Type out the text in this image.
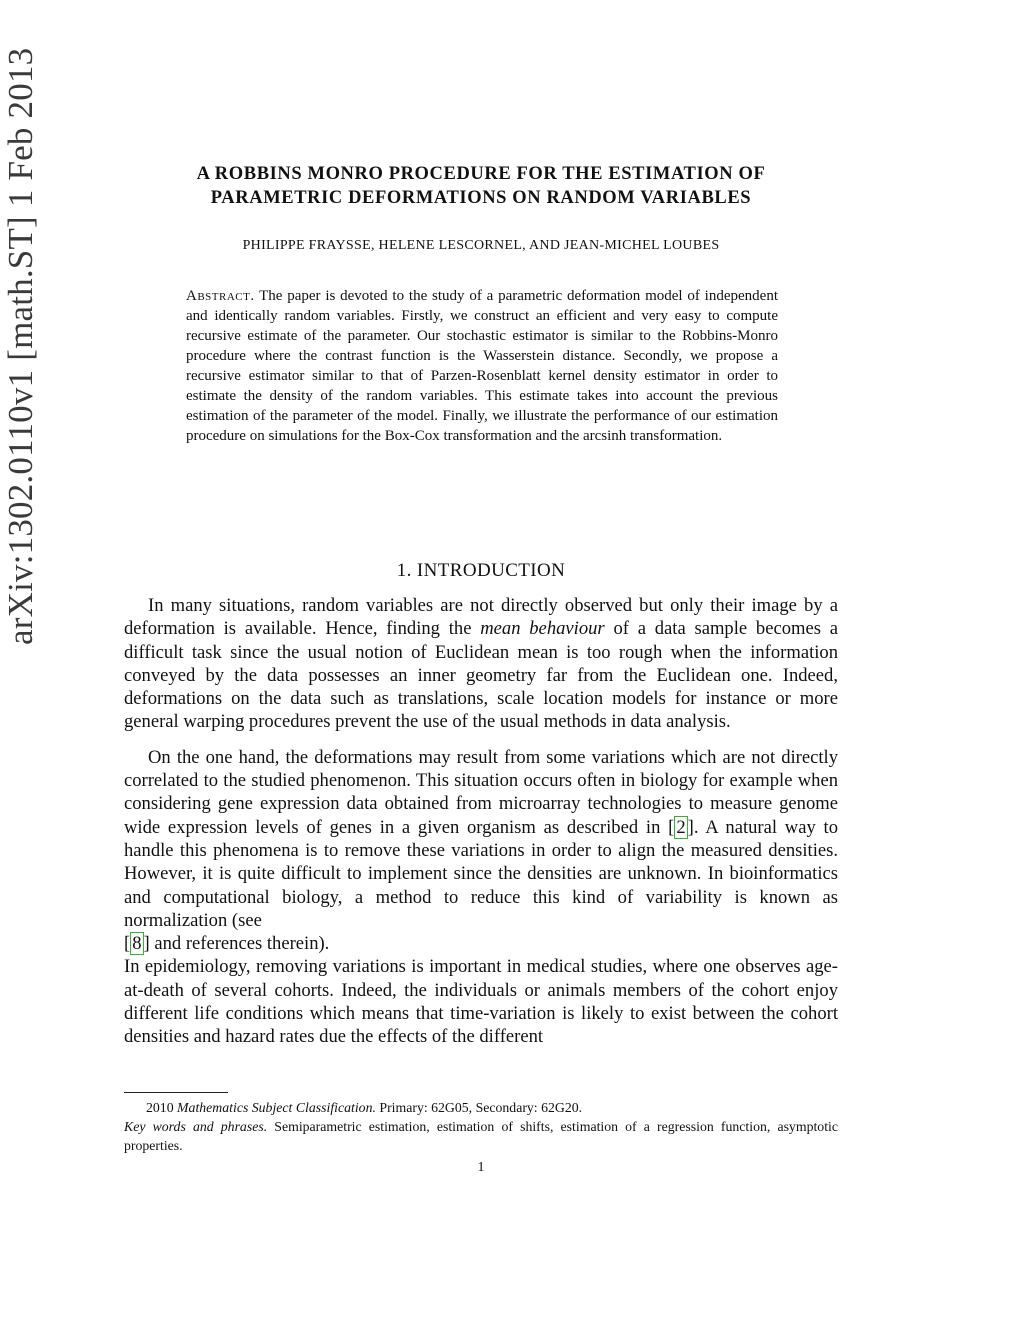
arXiv:1302.0110v1 [math.ST] 1 Feb 2013	A ROBBINS MONRO PROCEDURE FOR THE ESTIMATION OF
PARAMETRIC DEFORMATIONS ON RANDOM VARIABLES
PHILIPPE FRAYSSE, HELENE LESCORNEL, AND JEAN-MICHEL LOUBES
Abstract. The paper is devoted to the study of a parametric deformation model of independent and identically random variables. Firstly, we construct an efficient and very easy to compute recursive estimate of the parameter. Our stochastic estimator is similar to the Robbins-Monro procedure where the contrast function is the Wasserstein distance. Secondly, we propose a recursive estimator similar to that of Parzen-Rosenblatt kernel density estimator in order to estimate the density of the random variables. This estimate takes into account the previous estimation of the parameter of the model. Finally, we illustrate the performance of our estimation procedure on simulations for the Box-Cox transformation and the arcsinh transformation.
1. INTRODUCTION

In many situations, random variables are not directly observed but only their image by a deformation is available. Hence, finding the mean behaviour of a data sample becomes a difficult task since the usual notion of Euclidean mean is too rough when the information conveyed by the data possesses an inner geometry far from the Euclidean one. Indeed, deformations on the data such as translations, scale location models for instance or more general warping procedures prevent the use of the usual methods in data analysis.

On the one hand, the deformations may result from some variations which are not directly correlated to the studied phenomenon. This situation occurs often in biology for example when considering gene expression data obtained from microarray technologies to measure genome wide expression levels of genes in a given organism as described in [ 2 ]. A natural way to handle this phenomena is to remove these variations in order to align the measured densities. However, it is quite difficult to implement since the densities are unknown. In bioinformatics and computational biology, a method to reduce this kind of variability is known as normalization (see

[ 8 ] and references therein).

In epidemiology, removing variations is important in medical studies, where one observes age-at-death of several cohorts. Indeed, the individuals or animals members of the cohort enjoy different life conditions which means that time-variation is likely to exist between the cohort densities and hazard rates due the effects of the different

2010 Mathematics Subject Classification. Primary: 62G05, Secondary: 62G20.

Key words and phrases. Semiparametric estimation, estimation of shifts, estimation of a regression function, asymptotic properties.

1
